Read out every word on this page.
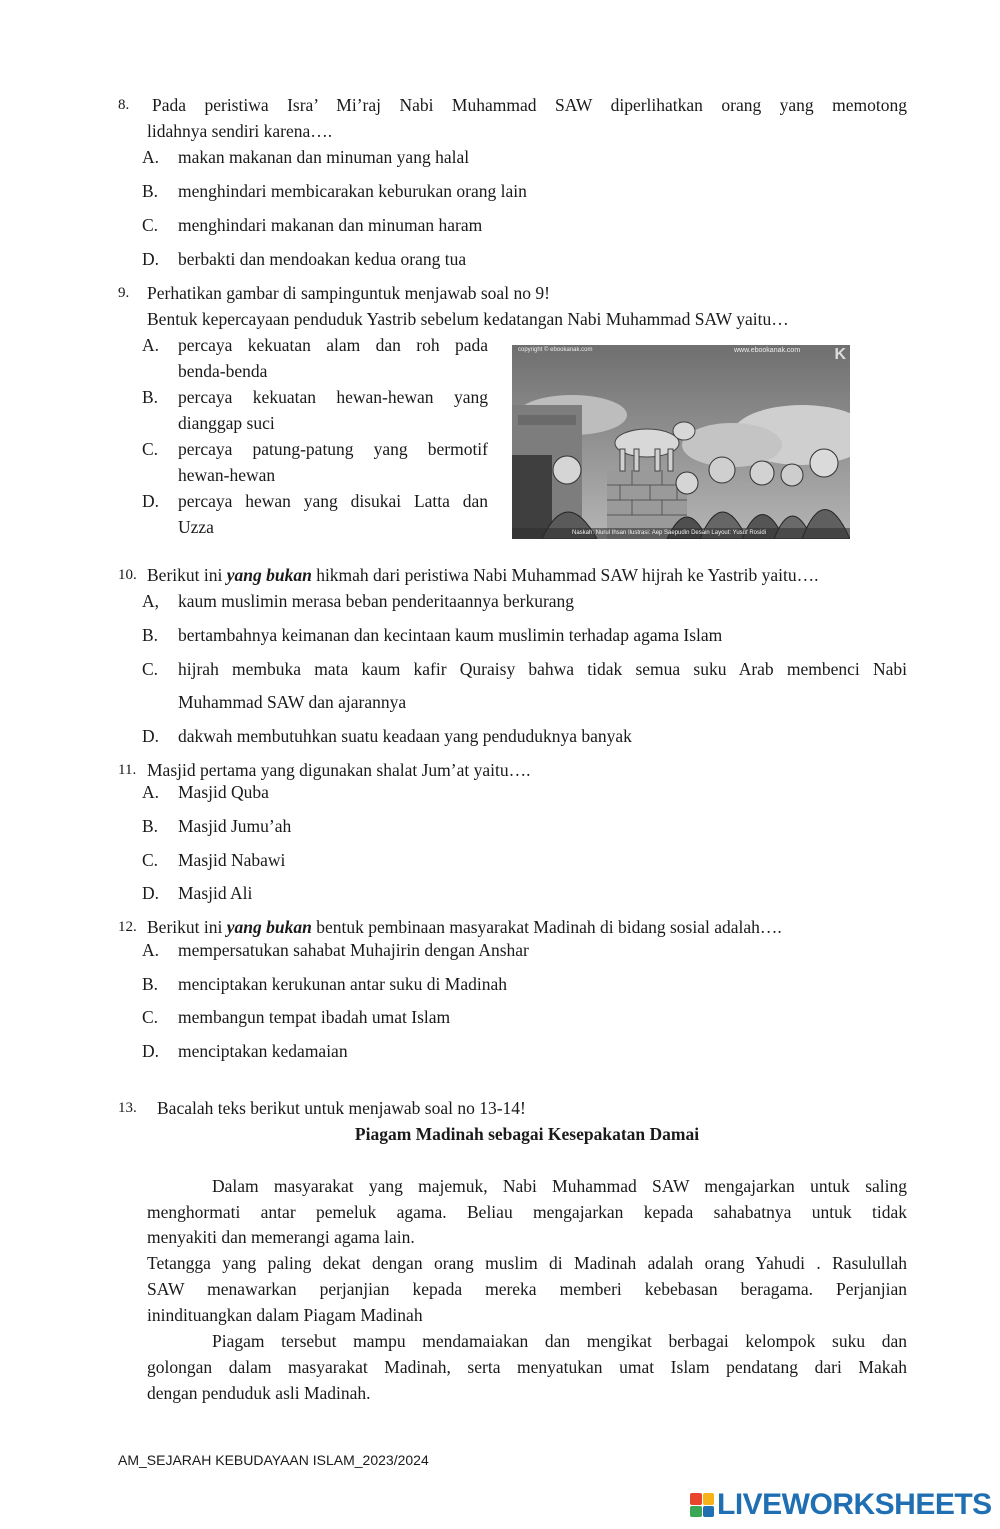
8. Pada peristiwa Isra’ Mi’raj Nabi Muhammad SAW diperlihatkan orang yang memotong
lidahnya sendiri karena….
A. makan makanan dan minuman yang halal
B. menghindari membicarakan keburukan orang lain
C. menghindari makanan dan minuman haram
D. berbakti dan mendoakan kedua orang tua
9. Perhatikan gambar di sampinguntuk menjawab soal no 9!
Bentuk kepercayaan penduduk Yastrib sebelum kedatangan Nabi Muhammad SAW yaitu…
A. percaya kekuatan alam dan roh pada
benda-benda
B. percaya kekuatan hewan-hewan yang
dianggap suci
C. percaya patung-patung yang bermotif
hewan-hewan
D. percaya hewan yang disukai Latta dan
Uzza
copyright © ebookanak.com	www.ebookanak.com K
Naskah: Nurul Ihsan Ilustrasi: Aep Saepudin Desain Layout: Yusuf Rosidi
10. Berikut ini yang bukan hikmah dari peristiwa Nabi Muhammad SAW hijrah ke Yastrib yaitu….
A, kaum muslimin merasa beban penderitaannya berkurang
B. bertambahnya keimanan dan kecintaan kaum muslimin terhadap agama Islam
C. hijrah membuka mata kaum kafir Quraisy bahwa tidak semua suku Arab membenci Nabi
Muhammad SAW dan ajarannya
D. dakwah membutuhkan suatu keadaan yang penduduknya banyak
11. Masjid pertama yang digunakan shalat Jum’at yaitu….
A. Masjid Quba
B. Masjid Jumu’ah
C. Masjid Nabawi
D. Masjid Ali
12. Berikut ini yang bukan bentuk pembinaan masyarakat Madinah di bidang sosial adalah….
A. mempersatukan sahabat Muhajirin dengan Anshar
B. menciptakan kerukunan antar suku di Madinah
C. membangun tempat ibadah umat Islam
D. menciptakan kedamaian
13. Bacalah teks berikut untuk menjawab soal no 13-14!
Piagam Madinah sebagai Kesepakatan Damai
Dalam masyarakat yang majemuk, Nabi Muhammad SAW mengajarkan untuk saling
menghormati antar pemeluk agama. Beliau mengajarkan kepada sahabatnya untuk tidak
menyakiti dan memerangi agama lain.
Tetangga yang paling dekat dengan orang muslim di Madinah adalah orang Yahudi . Rasulullah
SAW menawarkan perjanjian kepada mereka memberi kebebasan beragama. Perjanjian
inindituangkan dalam Piagam Madinah
Piagam tersebut mampu mendamaiakan dan mengikat berbagai kelompok suku dan
golongan dalam masyarakat Madinah, serta menyatukan umat Islam pendatang dari Makah
dengan penduduk asli Madinah.
AM_SEJARAH KEBUDAYAAN ISLAM_2023/2024
LIVEWORKSHEETS
